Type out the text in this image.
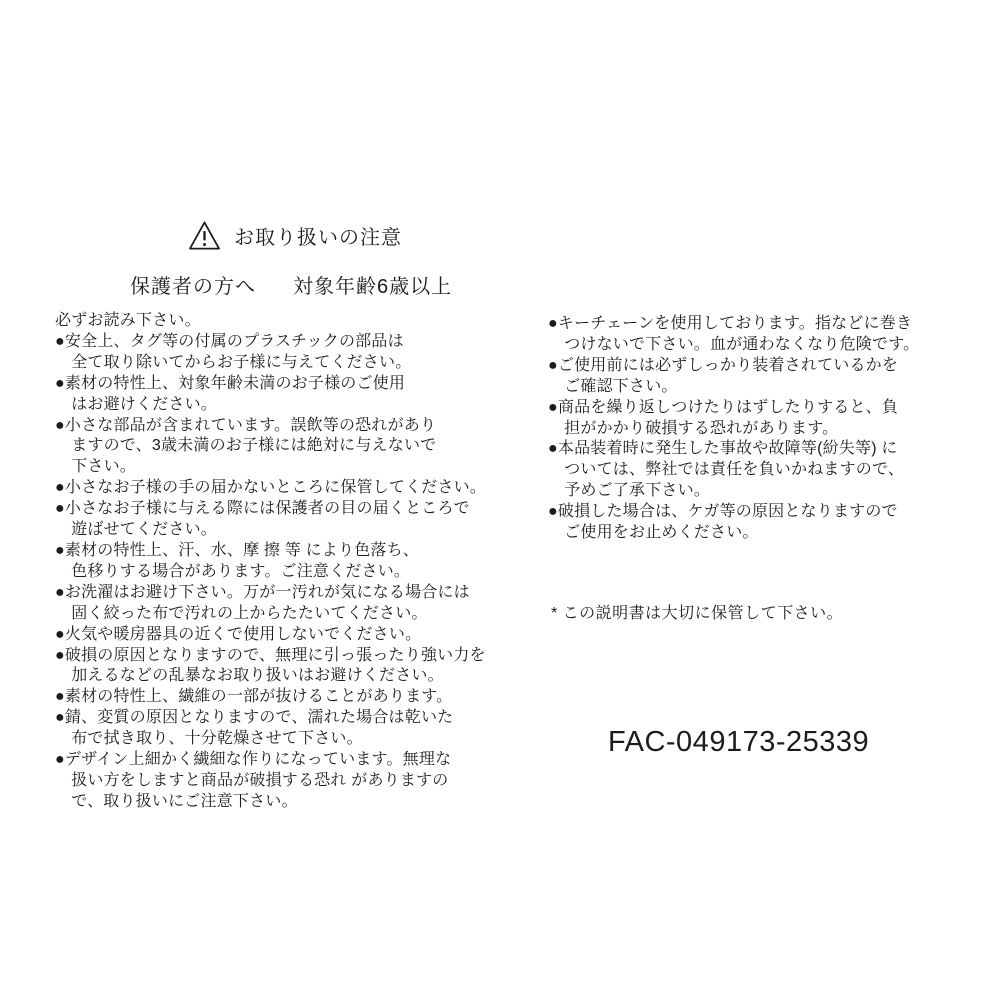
お取り扱いの注意
保護者の方へ 対象年齢6歳以上
必ずお読み下さい。
●安全上、タグ等の付属のプラスチックの部品は
　全て取り除いてからお子様に与えてください。
●素材の特性上、対象年齢未満のお子様のご使用
　はお避けください。
●小さな部品が含まれています。誤飲等の恐れがあり
　ますので、3歳未満のお子様には絶対に与えないで
　下さい。
●小さなお子様の手の届かないところに保管してください。
●小さなお子様に与える際には保護者の目の届くところで
　遊ばせてください。
●素材の特性上、汗、水、摩 擦 等 により色落ち、
　色移りする場合があります。ご注意ください。
●お洗濯はお避け下さい。万が一汚れが気になる場合には
　固く絞った布で汚れの上からたたいてください。
●火気や暖房器具の近くで使用しないでください。
●破損の原因となりますので、無理に引っ張ったり強い力を
　加えるなどの乱暴なお取り扱いはお避けください。
●素材の特性上、繊維の一部が抜けることがあります。
●錆、変質の原因となりますので、濡れた場合は乾いた
　布で拭き取り、十分乾燥させて下さい。
●デザイン上細かく繊細な作りになっています。無理な
　扱い方をしますと商品が破損する恐れ がありますの
　で、取り扱いにご注意下さい。
●キーチェーンを使用しております。指などに巻き
　つけないで下さい。血が通わなくなり危険です。
●ご使用前には必ずしっかり装着されているかを
　ご確認下さい。
●商品を繰り返しつけたりはずしたりすると、負
　担がかかり破損する恐れがあります。
●本品装着時に発生した事故や故障等(紛失等) に
　ついては、弊社では責任を負いかねますので、
　予めご了承下さい。
●破損した場合は、ケガ等の原因となりますので
　ご使用をお止めください。
* この説明書は大切に保管して下さい。
FAC-049173-25339
